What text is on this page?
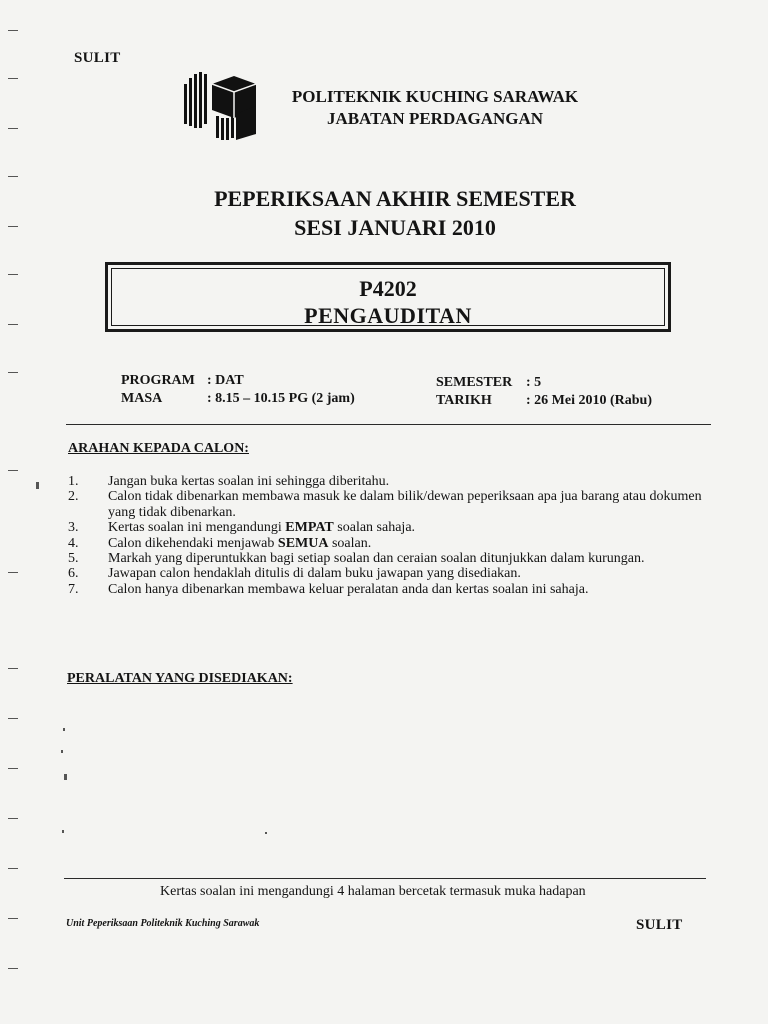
SULIT
POLITEKNIK KUCHING SARAWAK
JABATAN PERDAGANGAN
PEPERIKSAAN AKHIR SEMESTER
SESI JANUARI 2010
P4202
PENGAUDITAN
PROGRAM : DAT
MASA	: 8.15 – 10.15 PG (2 jam)
SEMESTER : 5
TARIKH : 26 Mei 2010 (Rabu)
ARAHAN KEPADA CALON:
1.	Jangan buka kertas soalan ini sehingga diberitahu.
2.	Calon tidak dibenarkan membawa masuk ke dalam bilik/dewan peperiksaan apa jua barang atau dokumen yang tidak dibenarkan.
3.	Kertas soalan ini mengandungi EMPAT soalan sahaja.
4.	Calon dikehendaki menjawab SEMUA soalan.
5.	Markah yang diperuntukkan bagi setiap soalan dan ceraian soalan ditunjukkan dalam kurungan.
6.	Jawapan calon hendaklah ditulis di dalam buku jawapan yang disediakan.
7.	Calon hanya dibenarkan membawa keluar peralatan anda dan kertas soalan ini sahaja.
PERALATAN YANG DISEDIAKAN:
Kertas soalan ini mengandungi 4 halaman bercetak termasuk muka hadapan
Unit Peperiksaan Politeknik Kuching Sarawak	SULIT
